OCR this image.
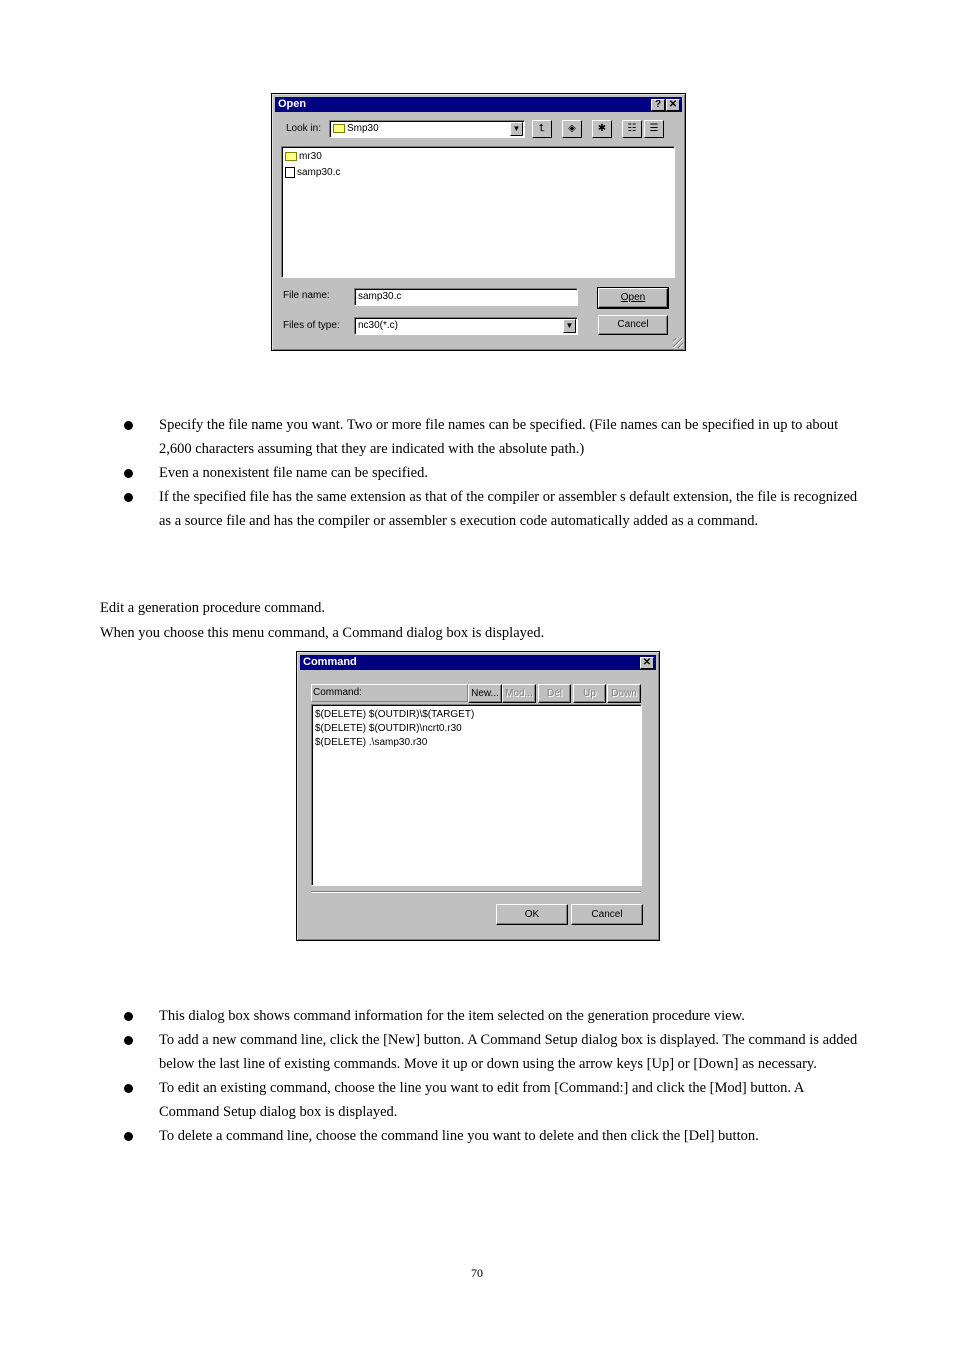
Open	? ✕
Look in:	Smp30	▼	⮤	◈	✱	☷	☰
mr30
samp30.c
File name:	samp30.c
Files of type:	nc30(*.c)	▼
Open
Cancel
Specify the file name you want. Two or more file names can be specified. (File names can be specified in up to about 2,600 characters assuming that they are indicated with the absolute path.)
Even a nonexistent file name can be specified.
If the specified file has the same extension as that of the compiler or assembler s default extension, the file is recognized as a source file and has the compiler or assembler s execution code automatically added as a command.
Edit a generation procedure command.
When you choose this menu command, a Command dialog box is displayed.
Command	✕
Command:	New... Mod...	Del	Up	Down
$(DELETE) $(OUTDIR)\$(TARGET)
$(DELETE) $(OUTDIR)\ncrt0.r30
$(DELETE) .\samp30.r30
OK	Cancel
This dialog box shows command information for the item selected on the generation procedure view.
To add a new command line, click the [New] button. A Command Setup dialog box is displayed. The command is added below the last line of existing commands. Move it up or down using the arrow keys [Up] or [Down] as necessary.
To edit an existing command, choose the line you want to edit from [Command:] and click the [Mod] button. A Command Setup dialog box is displayed.
To delete a command line, choose the command line you want to delete and then click the [Del] button.
70
